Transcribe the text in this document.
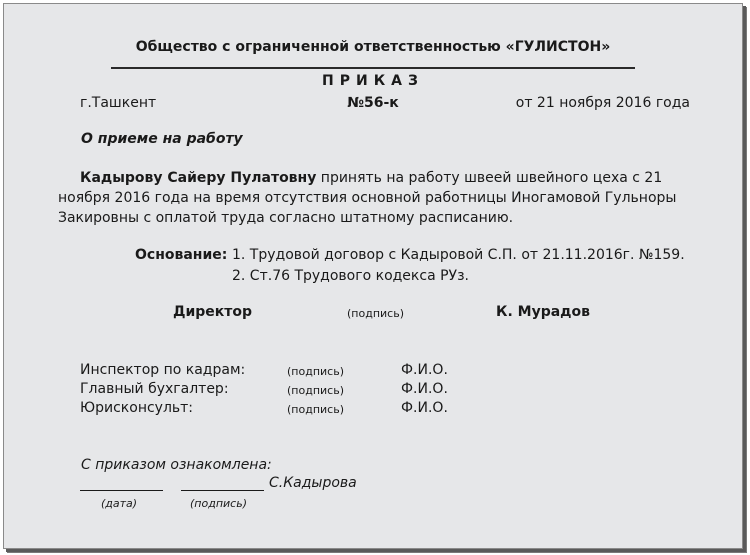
Общество с ограниченной ответственностью «ГУЛИСТОН»
ПРИКАЗ
г.Ташкент	№56-к	от 21 ноября 2016 года
О приеме на работу
Кадырову Сайеру Пулатовну принять на работу швеей швейного цеха с 21 ноября 2016 года на время отсутствия основной работницы Иногамовой Гульноры Закировны с оплатой труда согласно штатному расписанию.
Основание: 1. Трудовой договор с Кадыровой С.П. от 21.11.2016г. №159.
2. Ст.76 Трудового кодекса РУз.
Директор	(подпись)	К. Мурадов
Инспектор по кадрам:	(подпись)	Ф.И.О.
Главный бухгалтер:	(подпись)	Ф.И.О.
Юрисконсульт:	(подпись)	Ф.И.О.
С приказом ознакомлена:
С.Кадырова
(дата)	(подпись)
